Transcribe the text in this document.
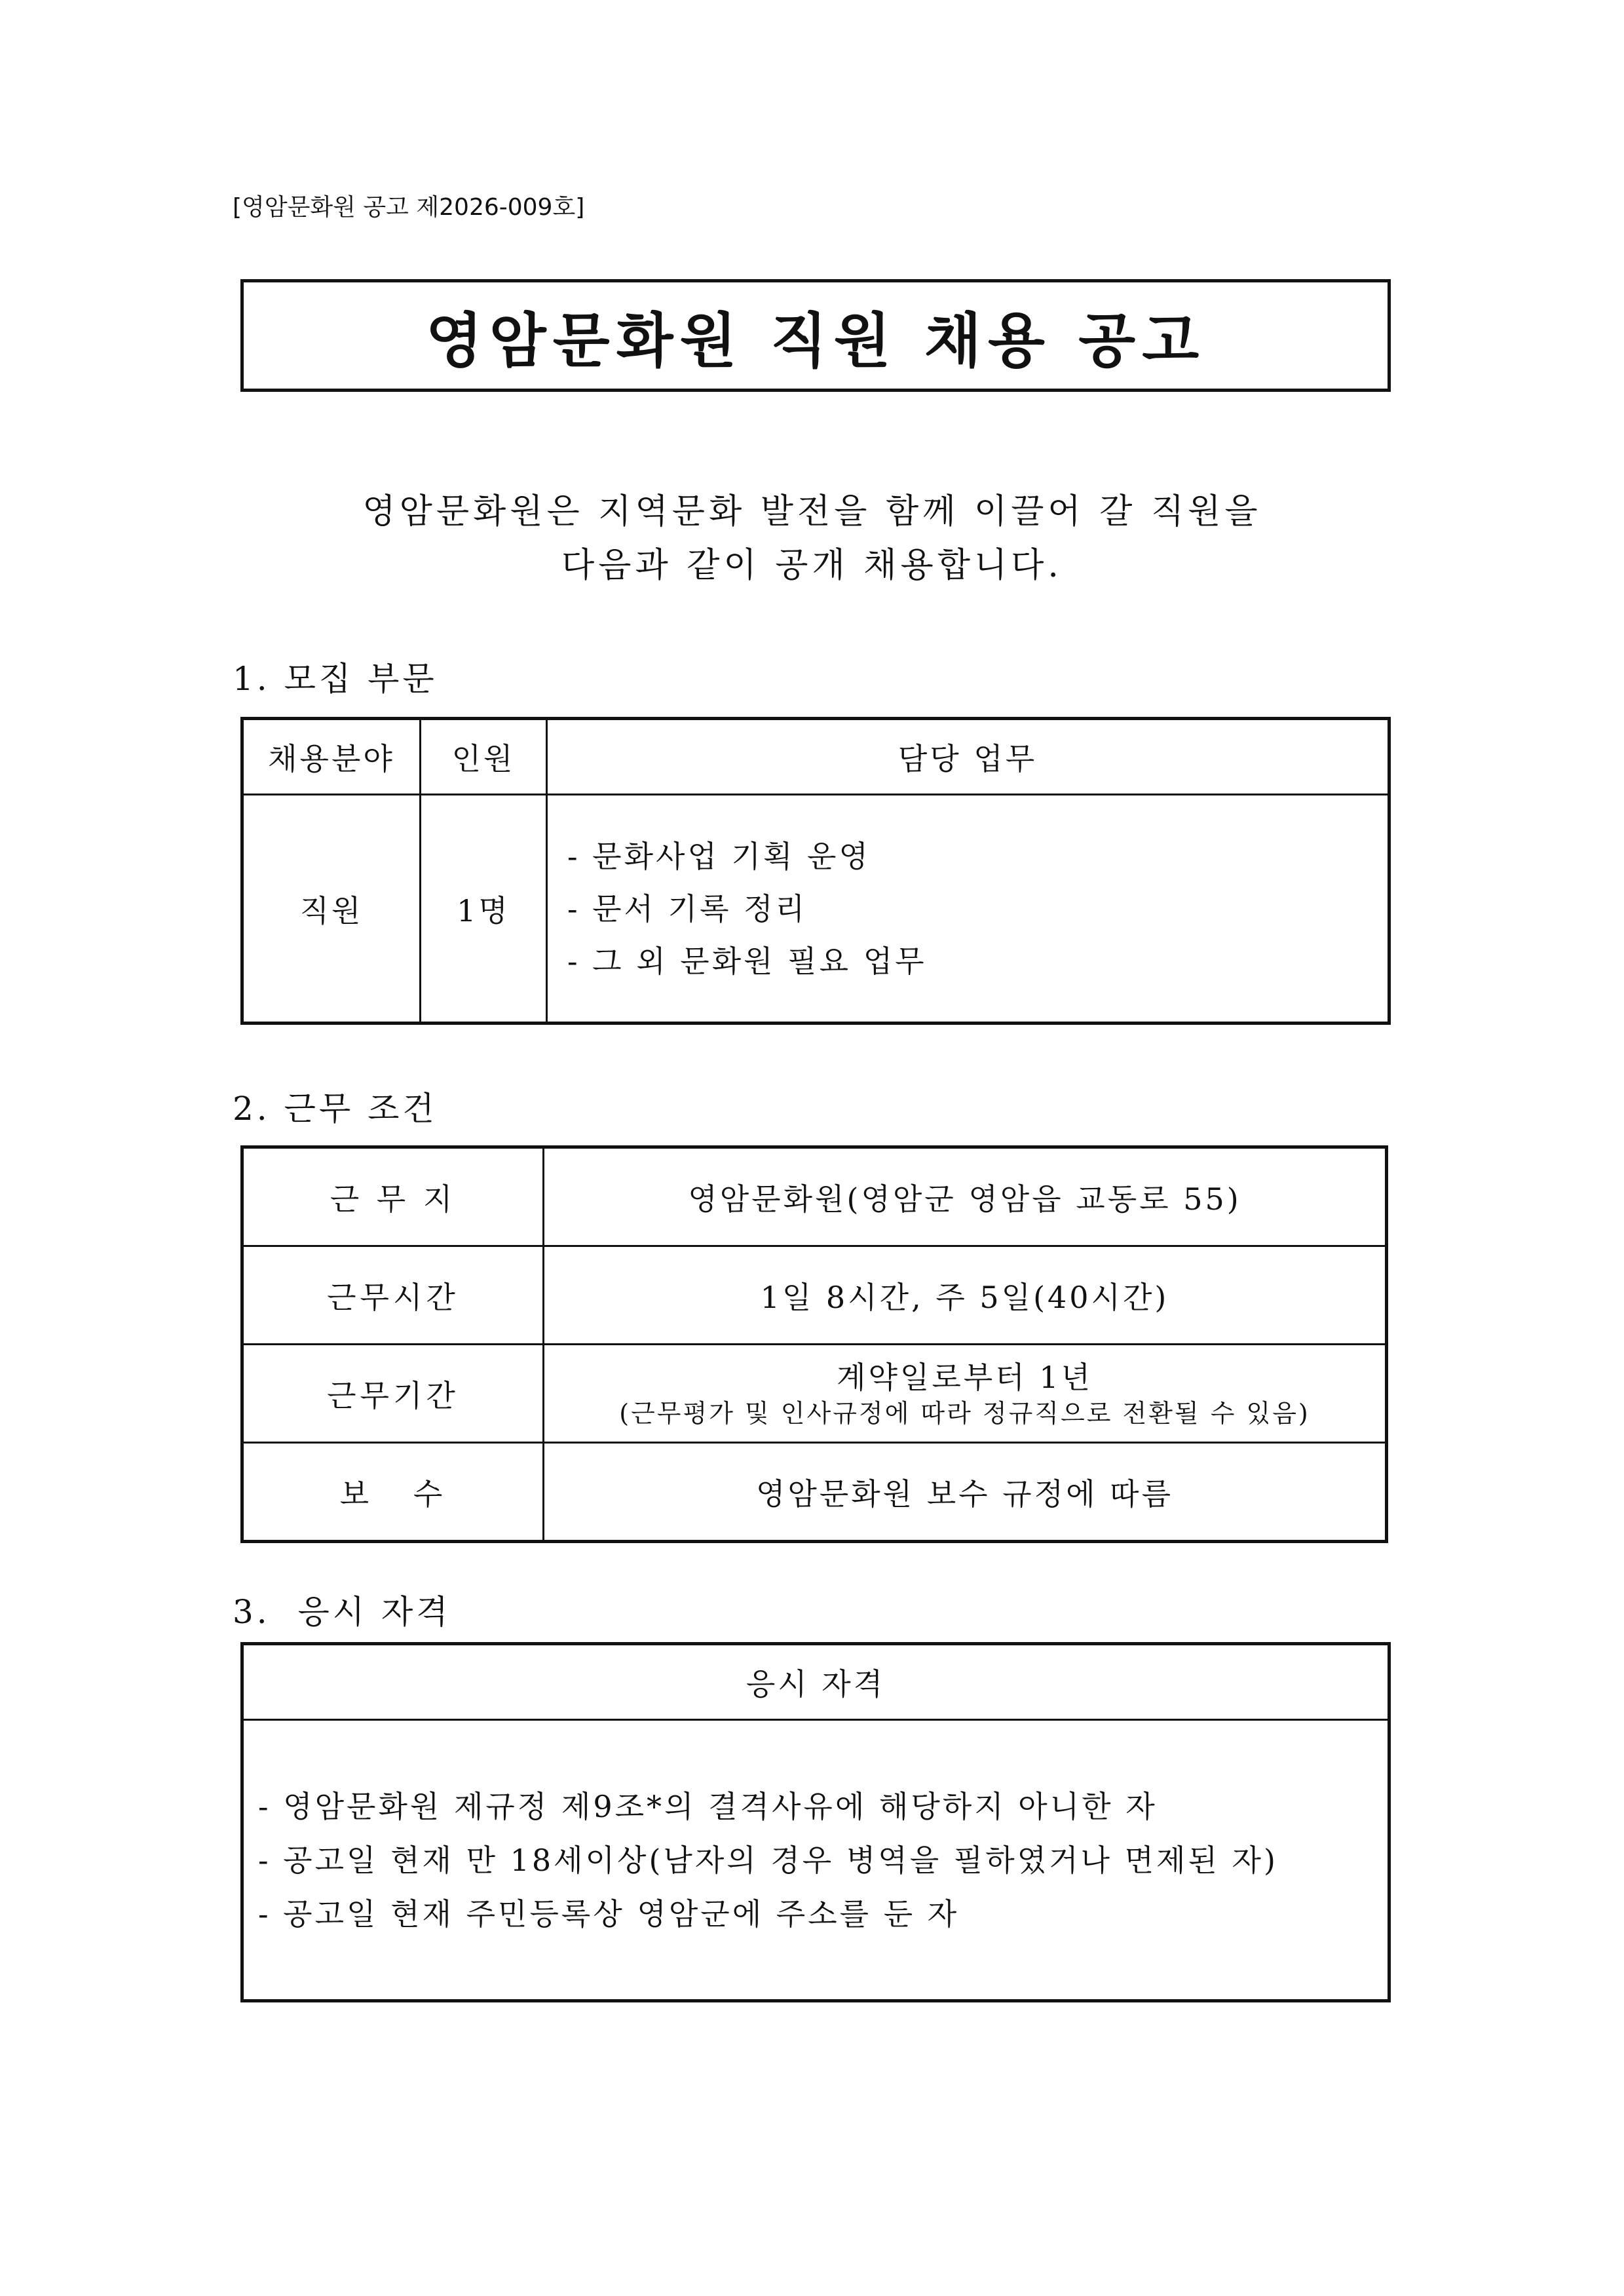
[영암문화원 공고 제2026-009호]
영암문화원 직원 채용 공고
영암문화원은 지역문화 발전을 함께 이끌어 갈 직원을
다음과 같이 공개 채용합니다.
1. 모집 부문
채용분야	인원	담당 업무
직원	1명	- 문화사업 기획 운영
- 문서 기록 정리
- 그 외 문화원 필요 업무
2. 근무 조건
근 무 지	영암문화원(영암군 영암읍 교동로 55)
근무시간	1일 8시간, 주 5일(40시간)
근무기간	계약일로부터 1년
(근무평가 및 인사규정에 따라 정규직으로 전환될 수 있음)

보   수	영암문화원 보수 규정에 따름
3.  응시 자격
응시 자격

- 영암문화원 제규정 제9조*의 결격사유에 해당하지 아니한 자
- 공고일 현재 만 18세이상(남자의 경우 병역을 필하였거나 면제된 자)
- 공고일 현재 주민등록상 영암군에 주소를 둔 자
